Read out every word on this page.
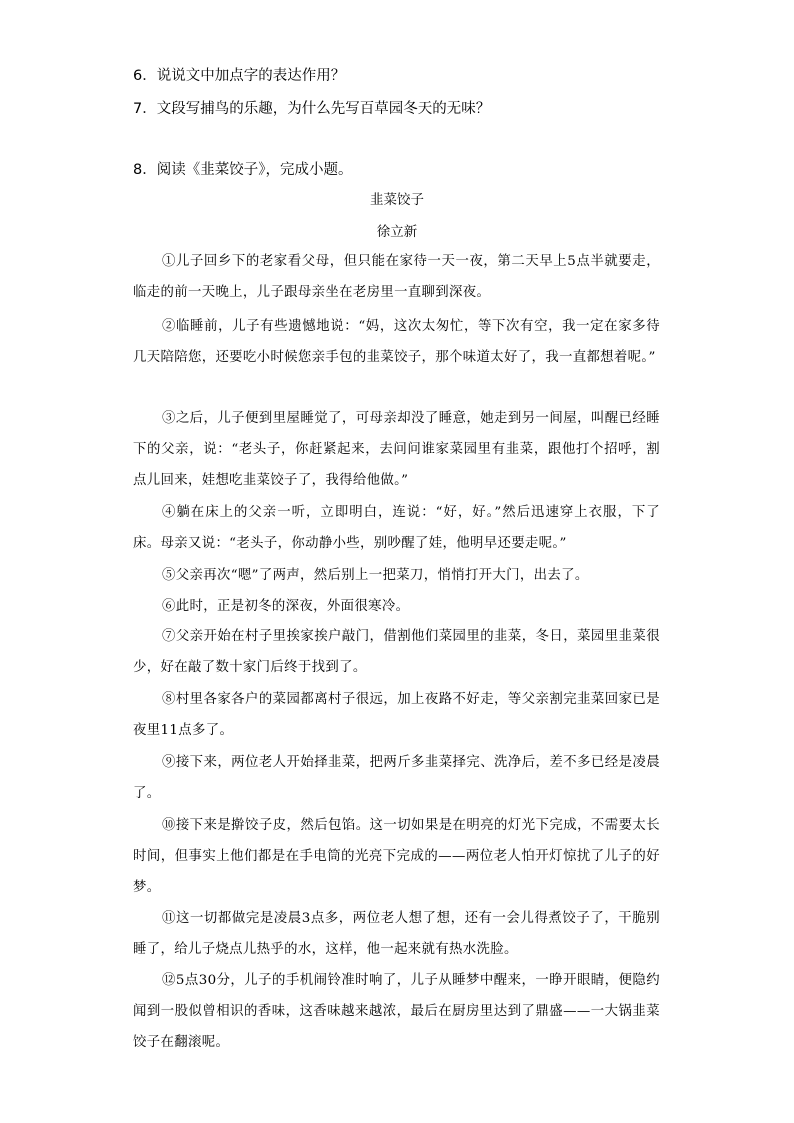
6．说说文中加点字的表达作用？
7．文段写捕鸟的乐趣，为什么先写百草园冬天的无味？
8．阅读《韭菜饺子》，完成小题。
韭菜饺子
徐立新
①儿子回乡下的老家看父母，但只能在家待一天一夜，第二天早上5点半就要走，临走的前一天晚上，儿子跟母亲坐在老房里一直聊到深夜。
②临睡前，儿子有些遗憾地说：“妈，这次太匆忙，等下次有空，我一定在家多待几天陪陪您，还要吃小时候您亲手包的韭菜饺子，那个味道太好了，我一直都想着呢。”
③之后，儿子便到里屋睡觉了，可母亲却没了睡意，她走到另一间屋，叫醒已经睡下的父亲，说：“老头子，你赶紧起来，去问问谁家菜园里有韭菜，跟他打个招呼，割点儿回来，娃想吃韭菜饺子了，我得给他做。”
④躺在床上的父亲一听，立即明白，连说：“好，好。”然后迅速穿上衣服，下了床。母亲又说：“老头子，你动静小些，别吵醒了娃，他明早还要走呢。”
⑤父亲再次“嗯”了两声，然后别上一把菜刀，悄悄打开大门，出去了。
⑥此时，正是初冬的深夜，外面很寒冷。
⑦父亲开始在村子里挨家挨户敲门，借割他们菜园里的韭菜，冬日，菜园里韭菜很少，好在敲了数十家门后终于找到了。
⑧村里各家各户的菜园都离村子很远，加上夜路不好走，等父亲割完韭菜回家已是夜里11点多了。
⑨接下来，两位老人开始择韭菜，把两斤多韭菜择完、洗净后，差不多已经是凌晨了。
⑩接下来是擀饺子皮，然后包馅。这一切如果是在明亮的灯光下完成，不需要太长时间，但事实上他们都是在手电筒的光亮下完成的——两位老人怕开灯惊扰了儿子的好梦。
⑪这一切都做完是凌晨3点多，两位老人想了想，还有一会儿得煮饺子了，干脆别睡了，给儿子烧点儿热乎的水，这样，他一起来就有热水洗脸。
⑫5点30分，儿子的手机闹铃准时响了，儿子从睡梦中醒来，一睁开眼睛，便隐约闻到一股似曾相识的香味，这香味越来越浓，最后在厨房里达到了鼎盛——一大锅韭菜饺子在翻滚呢。
